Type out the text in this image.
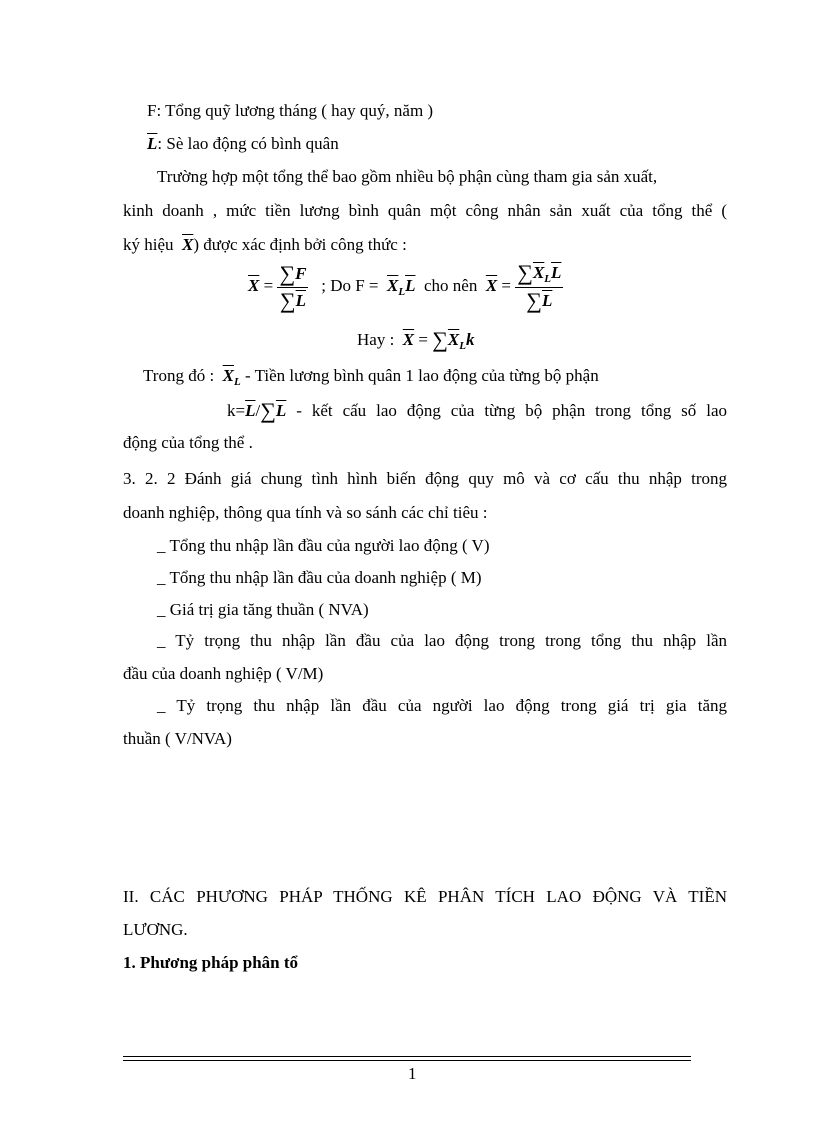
F: Tổng quỹ lương tháng ( hay quý, năm )
$\overline{L}$: Sè lao động có bình quân
Trường hợp một tổng thể bao gồm nhiều bộ phận cùng tham gia sản xuất,
kinh doanh , mức tiền lương bình quân một công nhân sản xuất của tổng thể (
ký hiệu $\overline{X}$) được xác định bởi công thức :
$\overline{X} = \frac{\sum F}{\sum\overline{L}}$ ; Do $F = \overline{X}_L\overline{L}$ cho nên $\overline{X} = \frac{\sum\overline{X}_L\overline{L}}{\sum\overline{L}}$
Hay : $\overline{X} = \sum\overline{X}_Lk$
Trong đó : $\overline{X}_L$ - Tiền lương bình quân 1 lao động của từng bộ phận
$k=\overline{L}/\sum\overline{L}$ - kết cấu lao động của từng bộ phận trong tổng số lao
động của tổng thể .
3. 2. 2 Đánh giá chung tình hình biến động quy mô và cơ cấu thu nhập trong
doanh nghiệp, thông qua tính và so sánh các chỉ tiêu :
_ Tổng thu nhập lần đầu của người lao động ( V)
_ Tổng thu nhập lần đầu của doanh nghiệp ( M)
_ Giá trị gia tăng thuần ( NVA)
_ Tỷ trọng thu nhập lần đầu của lao động trong trong tổng thu nhập lần
đầu của doanh nghiệp ( V/M)
_ Tỷ trọng thu nhập lần đầu của người lao động trong giá trị gia tăng
thuần ( V/NVA)
II. CÁC PHƯƠNG PHÁP THỐNG KÊ PHÂN TÍCH LAO ĐỘNG VÀ TIỀN
LƯƠNG.
1. Phương pháp phân tổ
1
